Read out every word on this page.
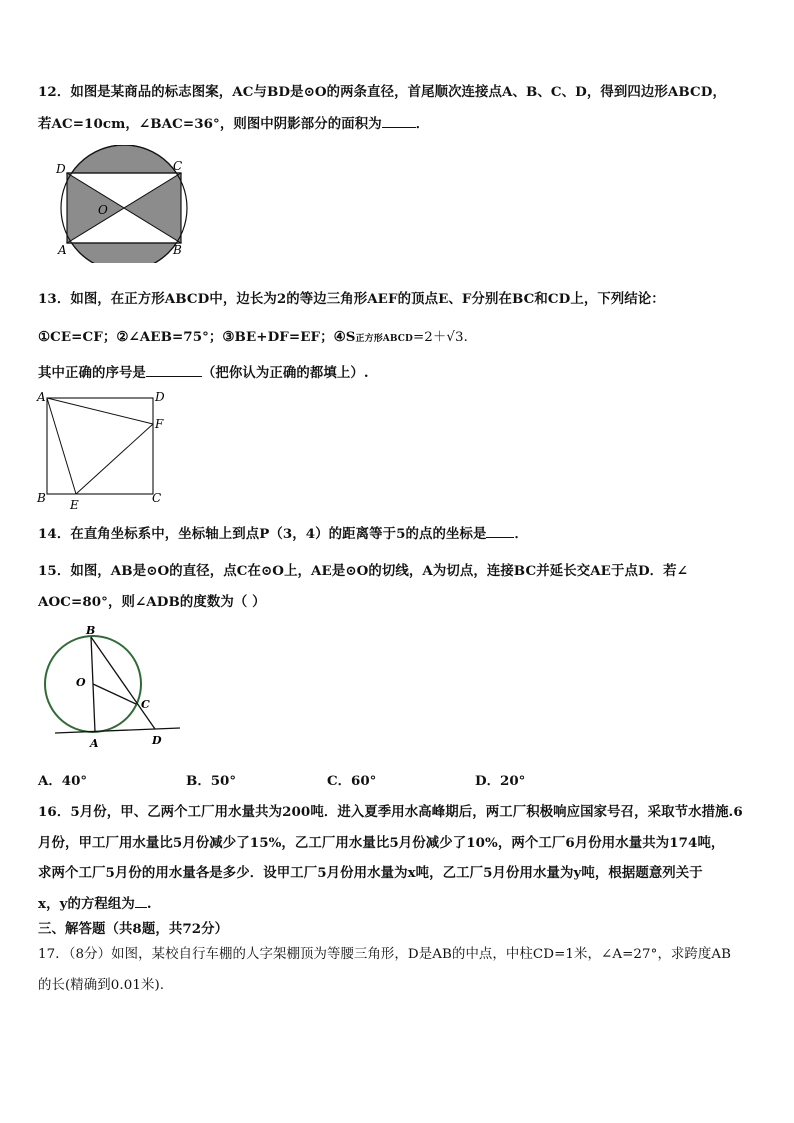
12．如图是某商品的标志图案，AC与BD是⊙O的两条直径，首尾顺次连接点A、B、C、D，得到四边形ABCD，
若AC=10cm，∠BAC=36°，则图中阴影部分的面积为	．
D	C
O
A	B
13．如图，在正方形ABCD中，边长为2的等边三角形AEF的顶点E、F分别在BC和CD上，下列结论：
①CE=CF；②∠AEB=75°；③BE+DF=EF；④S正方形ABCD=2＋√3．
其中正确的序号是	（把你认为正确的都填上）.
A	D
F
B E	C
14．在直角坐标系中，坐标轴上到点P（3，4）的距离等于5的点的坐标是 ．
15．如图，AB是⊙O的直径，点C在⊙O上，AE是⊙O的切线，A为切点，连接BC并延长交AE于点D．若∠
AOC=80°，则∠ADB的度数为（ ）
B
O
C
A	D
A．40°	B．50°	C．60°	D．20°
16．5月份，甲、乙两个工厂用水量共为200吨．进入夏季用水高峰期后，两工厂积极响应国家号召，采取节水措施.6
月份，甲工厂用水量比5月份减少了15%，乙工厂用水量比5月份减少了10%，两个工厂6月份用水量共为174吨，
求两个工厂5月份的用水量各是多少．设甲工厂5月份用水量为x吨，乙工厂5月份用水量为y吨，根据题意列关于
x，y的方程组为 .
三、解答题（共8题，共72分）
17．（8分）如图，某校自行车棚的人字架棚顶为等腰三角形，D是AB的中点，中柱CD=1米，∠A=27°，求跨度AB
的长(精确到0.01米).
